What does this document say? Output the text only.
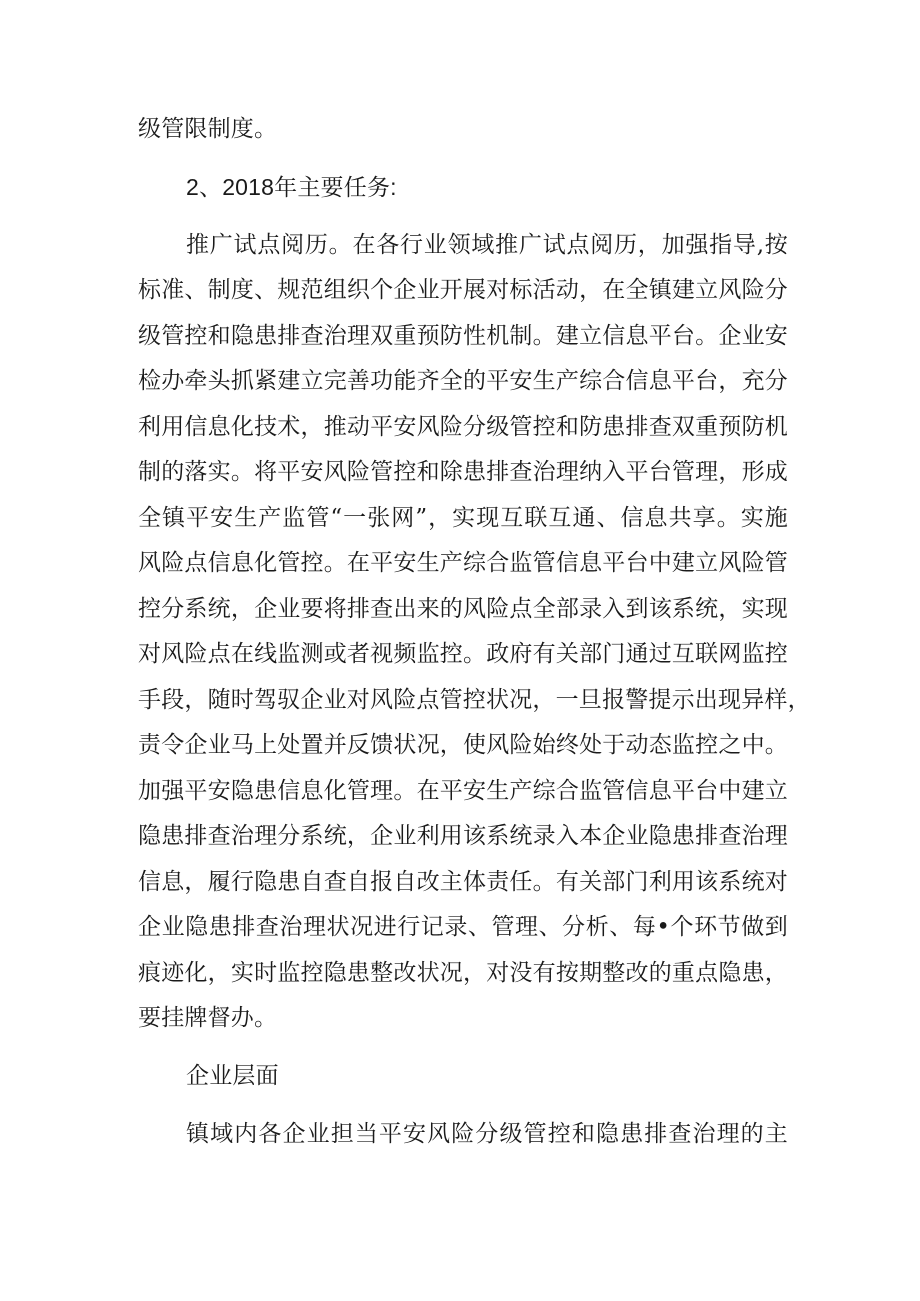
级管限制度。
2、2018年主要任务:
推广试点阅历。在各行业领域推广试点阅历，加强指导,按
标准、制度、规范组织个企业开展对标活动，在全镇建立风险分
级管控和隐患排查治理双重预防性机制。建立信息平台。企业安
检办牵头抓紧建立完善功能齐全的平安生产综合信息平台，充分
利用信息化技术，推动平安风险分级管控和防患排查双重预防机
制的落实。将平安风险管控和除患排查治理纳入平台管理，形成
全镇平安生产监管“一张网”，实现互联互通、信息共享。实施
风险点信息化管控。在平安生产综合监管信息平台中建立风险管
控分系统，企业要将排查出来的风险点全部录入到该系统，实现
对风险点在线监测或者视频监控。政府有关部门通过互联网监控
手段，随时驾驭企业对风险点管控状况，一旦报警提示出现异样，
责令企业马上处置并反馈状况，使风险始终处于动态监控之中。
加强平安隐患信息化管理。在平安生产综合监管信息平台中建立
隐患排查治理分系统，企业利用该系统录入本企业隐患排查治理
信息，履行隐患自查自报自改主体责任。有关部门利用该系统对
企业隐患排查治理状况进行记录、管理、分析、每•个环节做到
痕迹化，实时监控隐患整改状况，对没有按期整改的重点隐患，
要挂牌督办。
企业层面
镇域内各企业担当平安风险分级管控和隐患排查治理的主
